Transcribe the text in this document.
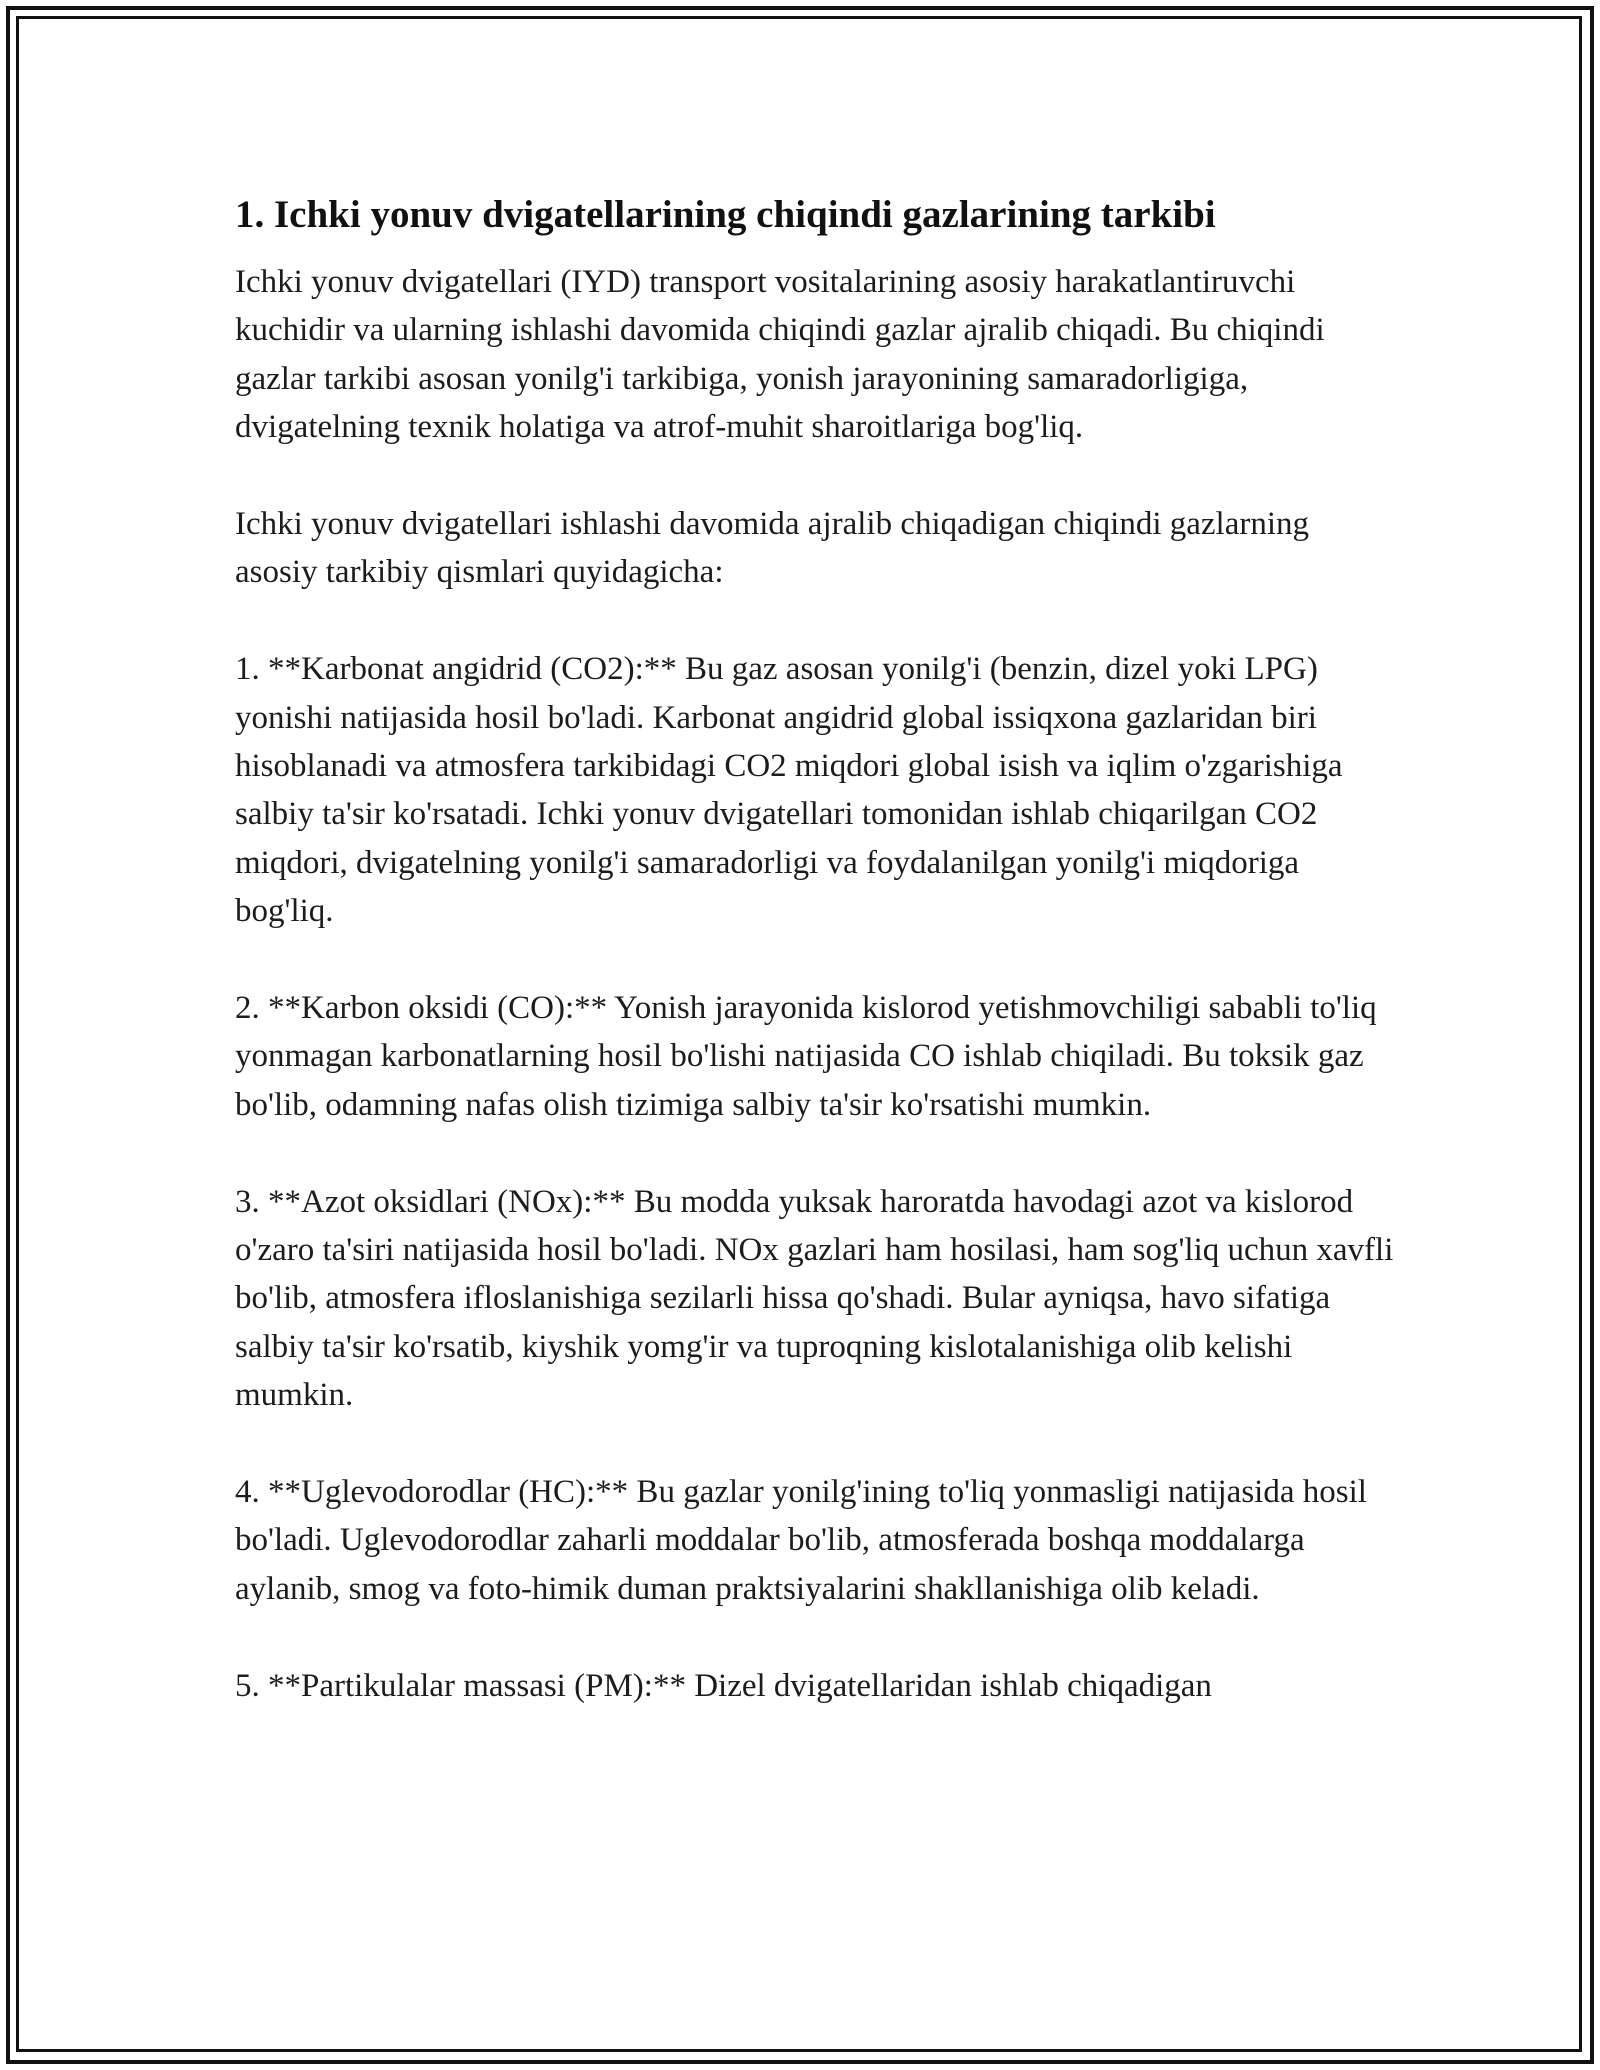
1. Ichki yonuv dvigatellarining chiqindi gazlarining tarkibi

Ichki yonuv dvigatellari (IYD) transport vositalarining asosiy harakatlantiruvchi kuchidir va ularning ishlashi davomida chiqindi gazlar ajralib chiqadi. Bu chiqindi gazlar tarkibi asosan yonilg'i tarkibiga, yonish jarayonining samaradorligiga, dvigatelning texnik holatiga va atrof-muhit sharoitlariga bog'liq.

Ichki yonuv dvigatellari ishlashi davomida ajralib chiqadigan chiqindi gazlarning asosiy tarkibiy qismlari quyidagicha:

1. **Karbonat angidrid (CO2):** Bu gaz asosan yonilg'i (benzin, dizel yoki LPG) yonishi natijasida hosil bo'ladi. Karbonat angidrid global issiqxona gazlaridan biri hisoblanadi va atmosfera tarkibidagi CO2 miqdori global isish va iqlim o'zgarishiga salbiy ta'sir ko'rsatadi. Ichki yonuv dvigatellari tomonidan ishlab chiqarilgan CO2 miqdori, dvigatelning yonilg'i samaradorligi va foydalanilgan yonilg'i miqdoriga bog'liq.

2. **Karbon oksidi (CO):** Yonish jarayonida kislorod yetishmovchiligi sababli to'liq yonmagan karbonatlarning hosil bo'lishi natijasida CO ishlab chiqiladi. Bu toksik gaz bo'lib, odamning nafas olish tizimiga salbiy ta'sir ko'rsatishi mumkin.

3. **Azot oksidlari (NOx):** Bu modda yuksak haroratda havodagi azot va kislorod o'zaro ta'siri natijasida hosil bo'ladi. NOx gazlari ham hosilasi, ham sog'liq uchun xavfli bo'lib, atmosfera ifloslanishiga sezilarli hissa qo'shadi. Bular ayniqsa, havo sifatiga salbiy ta'sir ko'rsatib, kiyshik yomg'ir va tuproqning kislotalanishiga olib kelishi mumkin.

4. **Uglevodorodlar (HC):** Bu gazlar yonilg'ining to'liq yonmasligi natijasida hosil bo'ladi. Uglevodorodlar zaharli moddalar bo'lib, atmosferada boshqa moddalarga aylanib, smog va foto-himik duman praktsiyalarini shakllanishiga olib keladi.

5. **Partikulalar massasi (PM):** Dizel dvigatellaridan ishlab chiqadigan
